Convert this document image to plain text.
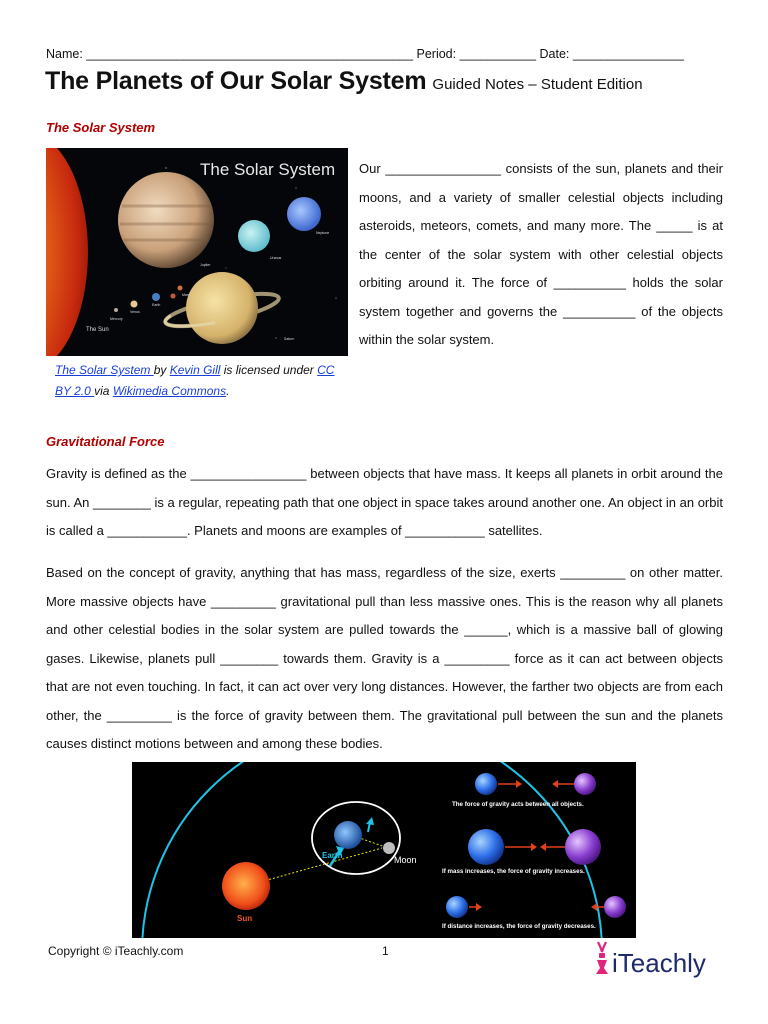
Name: _______________________________________________ Period: ___________ Date: ________________
The Planets of Our Solar System Guided Notes – Student Edition
The Solar System
The Solar System
The Sun
Mercury
Venus
Earth
Mars
Jupiter
Saturn
Uranus
Neptune
The Solar System by Kevin Gill is licensed under CC BY 2.0 via Wikimedia Commons.
Our ________________ consists of the sun, planets and their moons, and a variety of smaller celestial objects including asteroids, meteors, comets, and many more. The _____ is at the center of the solar system with other celestial objects orbiting around it. The force of __________ holds the solar system together and governs the __________ of the objects within the solar system.
Gravitational Force
Gravity is defined as the ________________ between objects that have mass. It keeps all planets in orbit around the sun. An ________ is a regular, repeating path that one object in space takes around another one. An object in an orbit is called a ___________. Planets and moons are examples of ___________ satellites.
Based on the concept of gravity, anything that has mass, regardless of the size, exerts _________ on other matter. More massive objects have _________ gravitational pull than less massive ones. This is the reason why all planets and other celestial bodies in the solar system are pulled towards the ______, which is a massive ball of glowing gases. Likewise, planets pull ________ towards them. Gravity is a _________ force as it can act between objects that are not even touching. In fact, it can act over very long distances. However, the farther two objects are from each other, the _________ is the force of gravity between them. The gravitational pull between the sun and the planets causes distinct motions between and among these bodies.
Sun
Earth	Moon
The force of gravity acts between all objects.
If mass increases, the force of gravity increases.
If distance increases, the force of gravity decreases.
Copyright © iTeachly.com	1	iTeachly
